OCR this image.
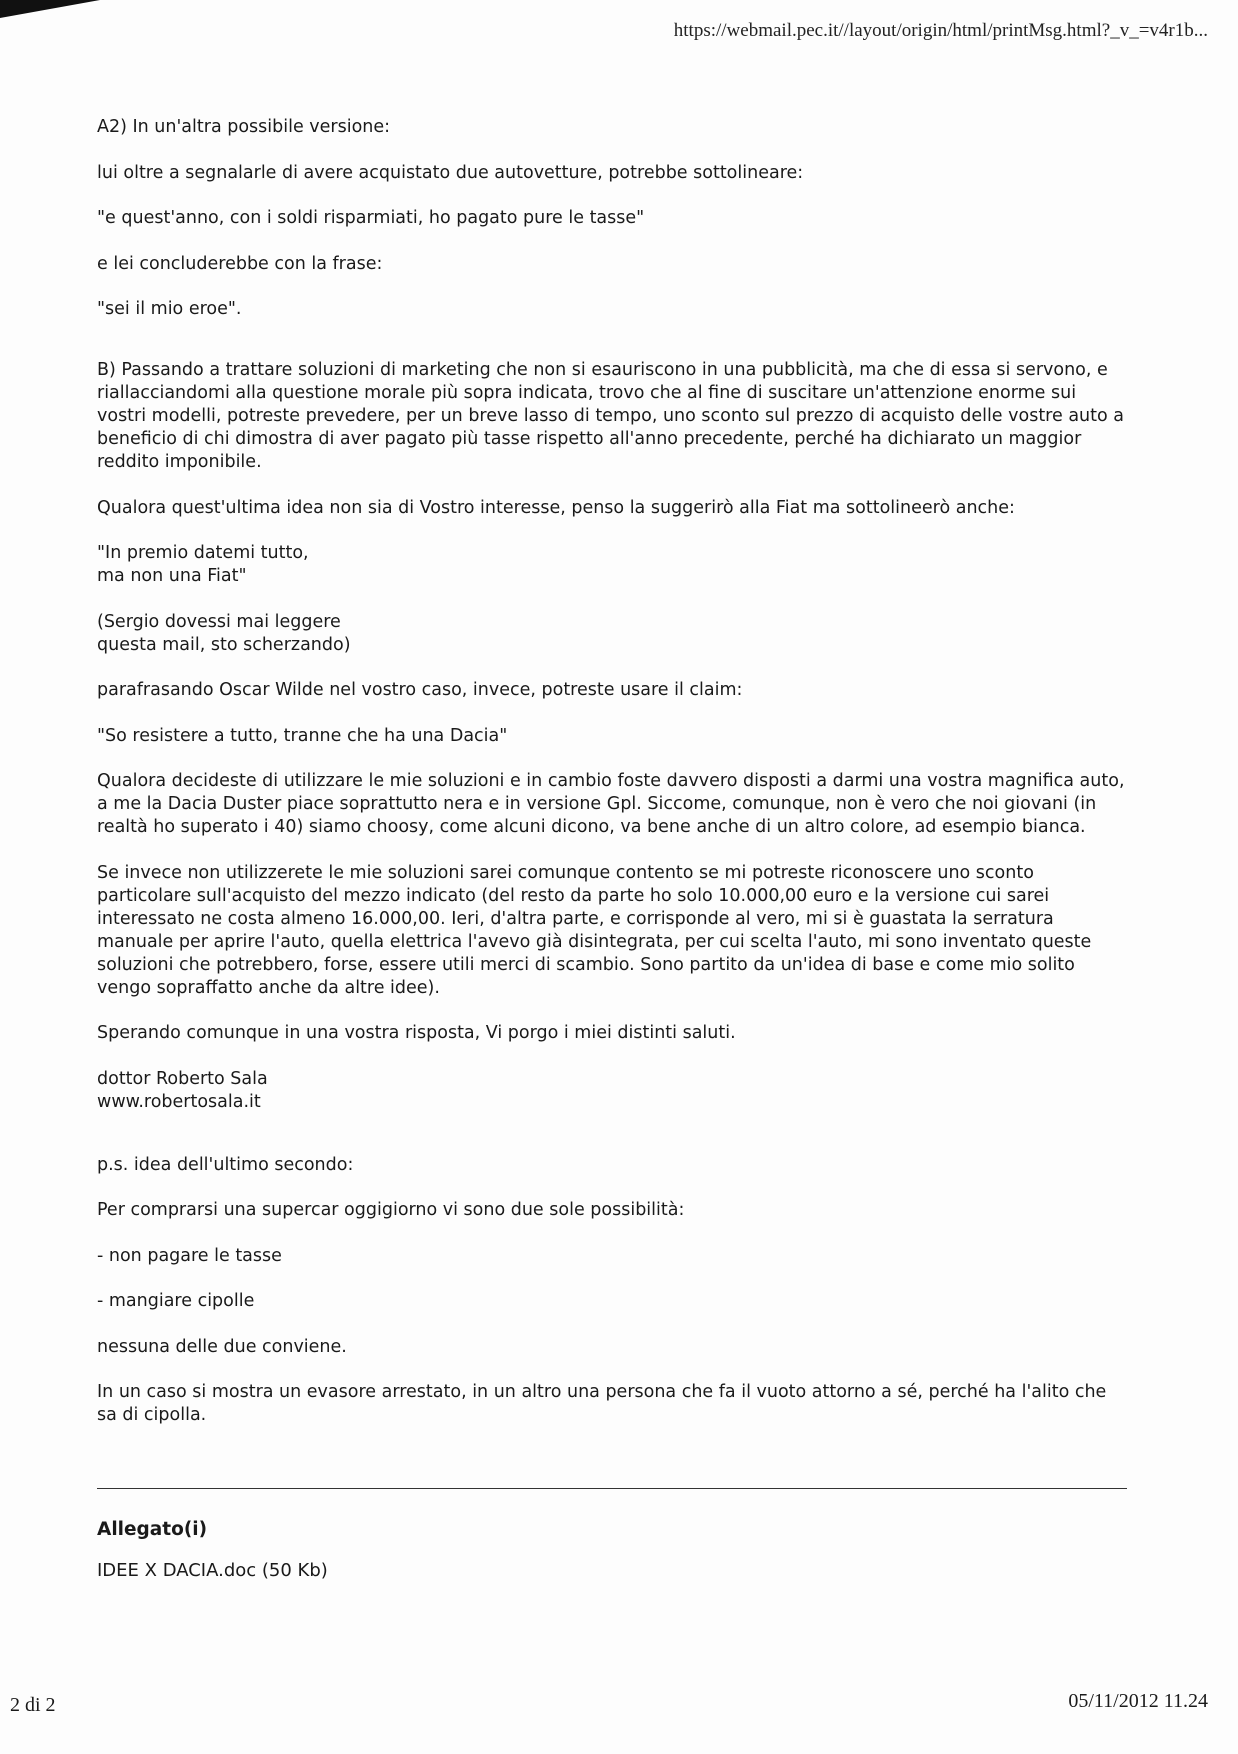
https://webmail.pec.it//layout/origin/html/printMsg.html?_v_=v4r1b...

A2) In un'altra possibile versione:

lui oltre a segnalarle di avere acquistato due autovetture, potrebbe sottolineare:

"e quest'anno, con i soldi risparmiati, ho pagato pure le tasse"

e lei concluderebbe con la frase:

"sei il mio eroe".

B) Passando a trattare soluzioni di marketing che non si esauriscono in una pubblicità, ma che di essa si servono, e riallacciandomi alla questione morale più sopra indicata, trovo che al fine di suscitare un'attenzione enorme sui vostri modelli, potreste prevedere, per un breve lasso di tempo, uno sconto sul prezzo di acquisto delle vostre auto a beneficio di chi dimostra di aver pagato più tasse rispetto all'anno precedente, perché ha dichiarato un maggior reddito imponibile.

Qualora quest'ultima idea non sia di Vostro interesse, penso la suggerirò alla Fiat ma sottolineerò anche:

"In premio datemi tutto,
ma non una Fiat"

(Sergio dovessi mai leggere
questa mail, sto scherzando)

parafrasando Oscar Wilde nel vostro caso, invece, potreste usare il claim:

"So resistere a tutto, tranne che ha una Dacia"

Qualora decideste di utilizzare le mie soluzioni e in cambio foste davvero disposti a darmi una vostra magnifica auto, a me la Dacia Duster piace soprattutto nera e in versione Gpl. Siccome, comunque, non è vero che noi giovani (in realtà ho superato i 40) siamo choosy, come alcuni dicono, va bene anche di un altro colore, ad esempio bianca.

Se invece non utilizzerete le mie soluzioni sarei comunque contento se mi potreste riconoscere uno sconto particolare sull'acquisto del mezzo indicato (del resto da parte ho solo 10.000,00 euro e la versione cui sarei interessato ne costa almeno 16.000,00. Ieri, d'altra parte, e corrisponde al vero, mi si è guastata la serratura manuale per aprire l'auto, quella elettrica l'avevo già disintegrata, per cui scelta l'auto, mi sono inventato queste soluzioni che potrebbero, forse, essere utili merci di scambio. Sono partito da un'idea di base e come mio solito vengo sopraffatto anche da altre idee).

Sperando comunque in una vostra risposta, Vi porgo i miei distinti saluti.

dottor Roberto Sala
www.robertosala.it

p.s. idea dell'ultimo secondo:

Per comprarsi una supercar oggigiorno vi sono due sole possibilità:

- non pagare le tasse

- mangiare cipolle

nessuna delle due conviene.

In un caso si mostra un evasore arrestato, in un altro una persona che fa il vuoto attorno a sé, perché ha l'alito che sa di cipolla.

Allegato(i)
IDEE X DACIA.doc (50 Kb)
2 di 2	05/11/2012 11.24
